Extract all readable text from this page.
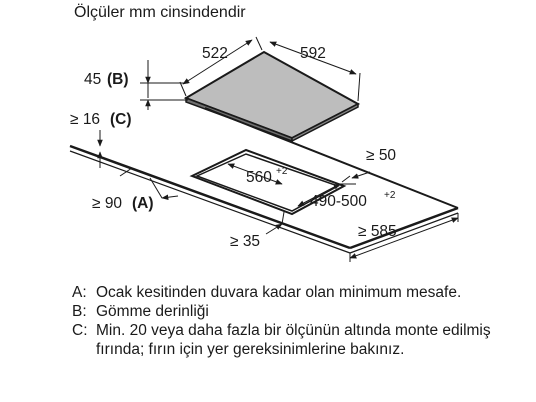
Ölçüler mm cinsindendir
522	592
45 (B)
≥ 16 (C)
≥ 50
560 +2
490-500 +2
≥ 90 (A)
≥ 35
≥ 585
A: Ocak kesitinden duvara kadar olan minimum mesafe.
B: Gömme derinliği
C: Min. 20 veya daha fazla bir ölçünün altında monte edilmiş fırında; fırın için yer gereksinimlerine bakınız.
